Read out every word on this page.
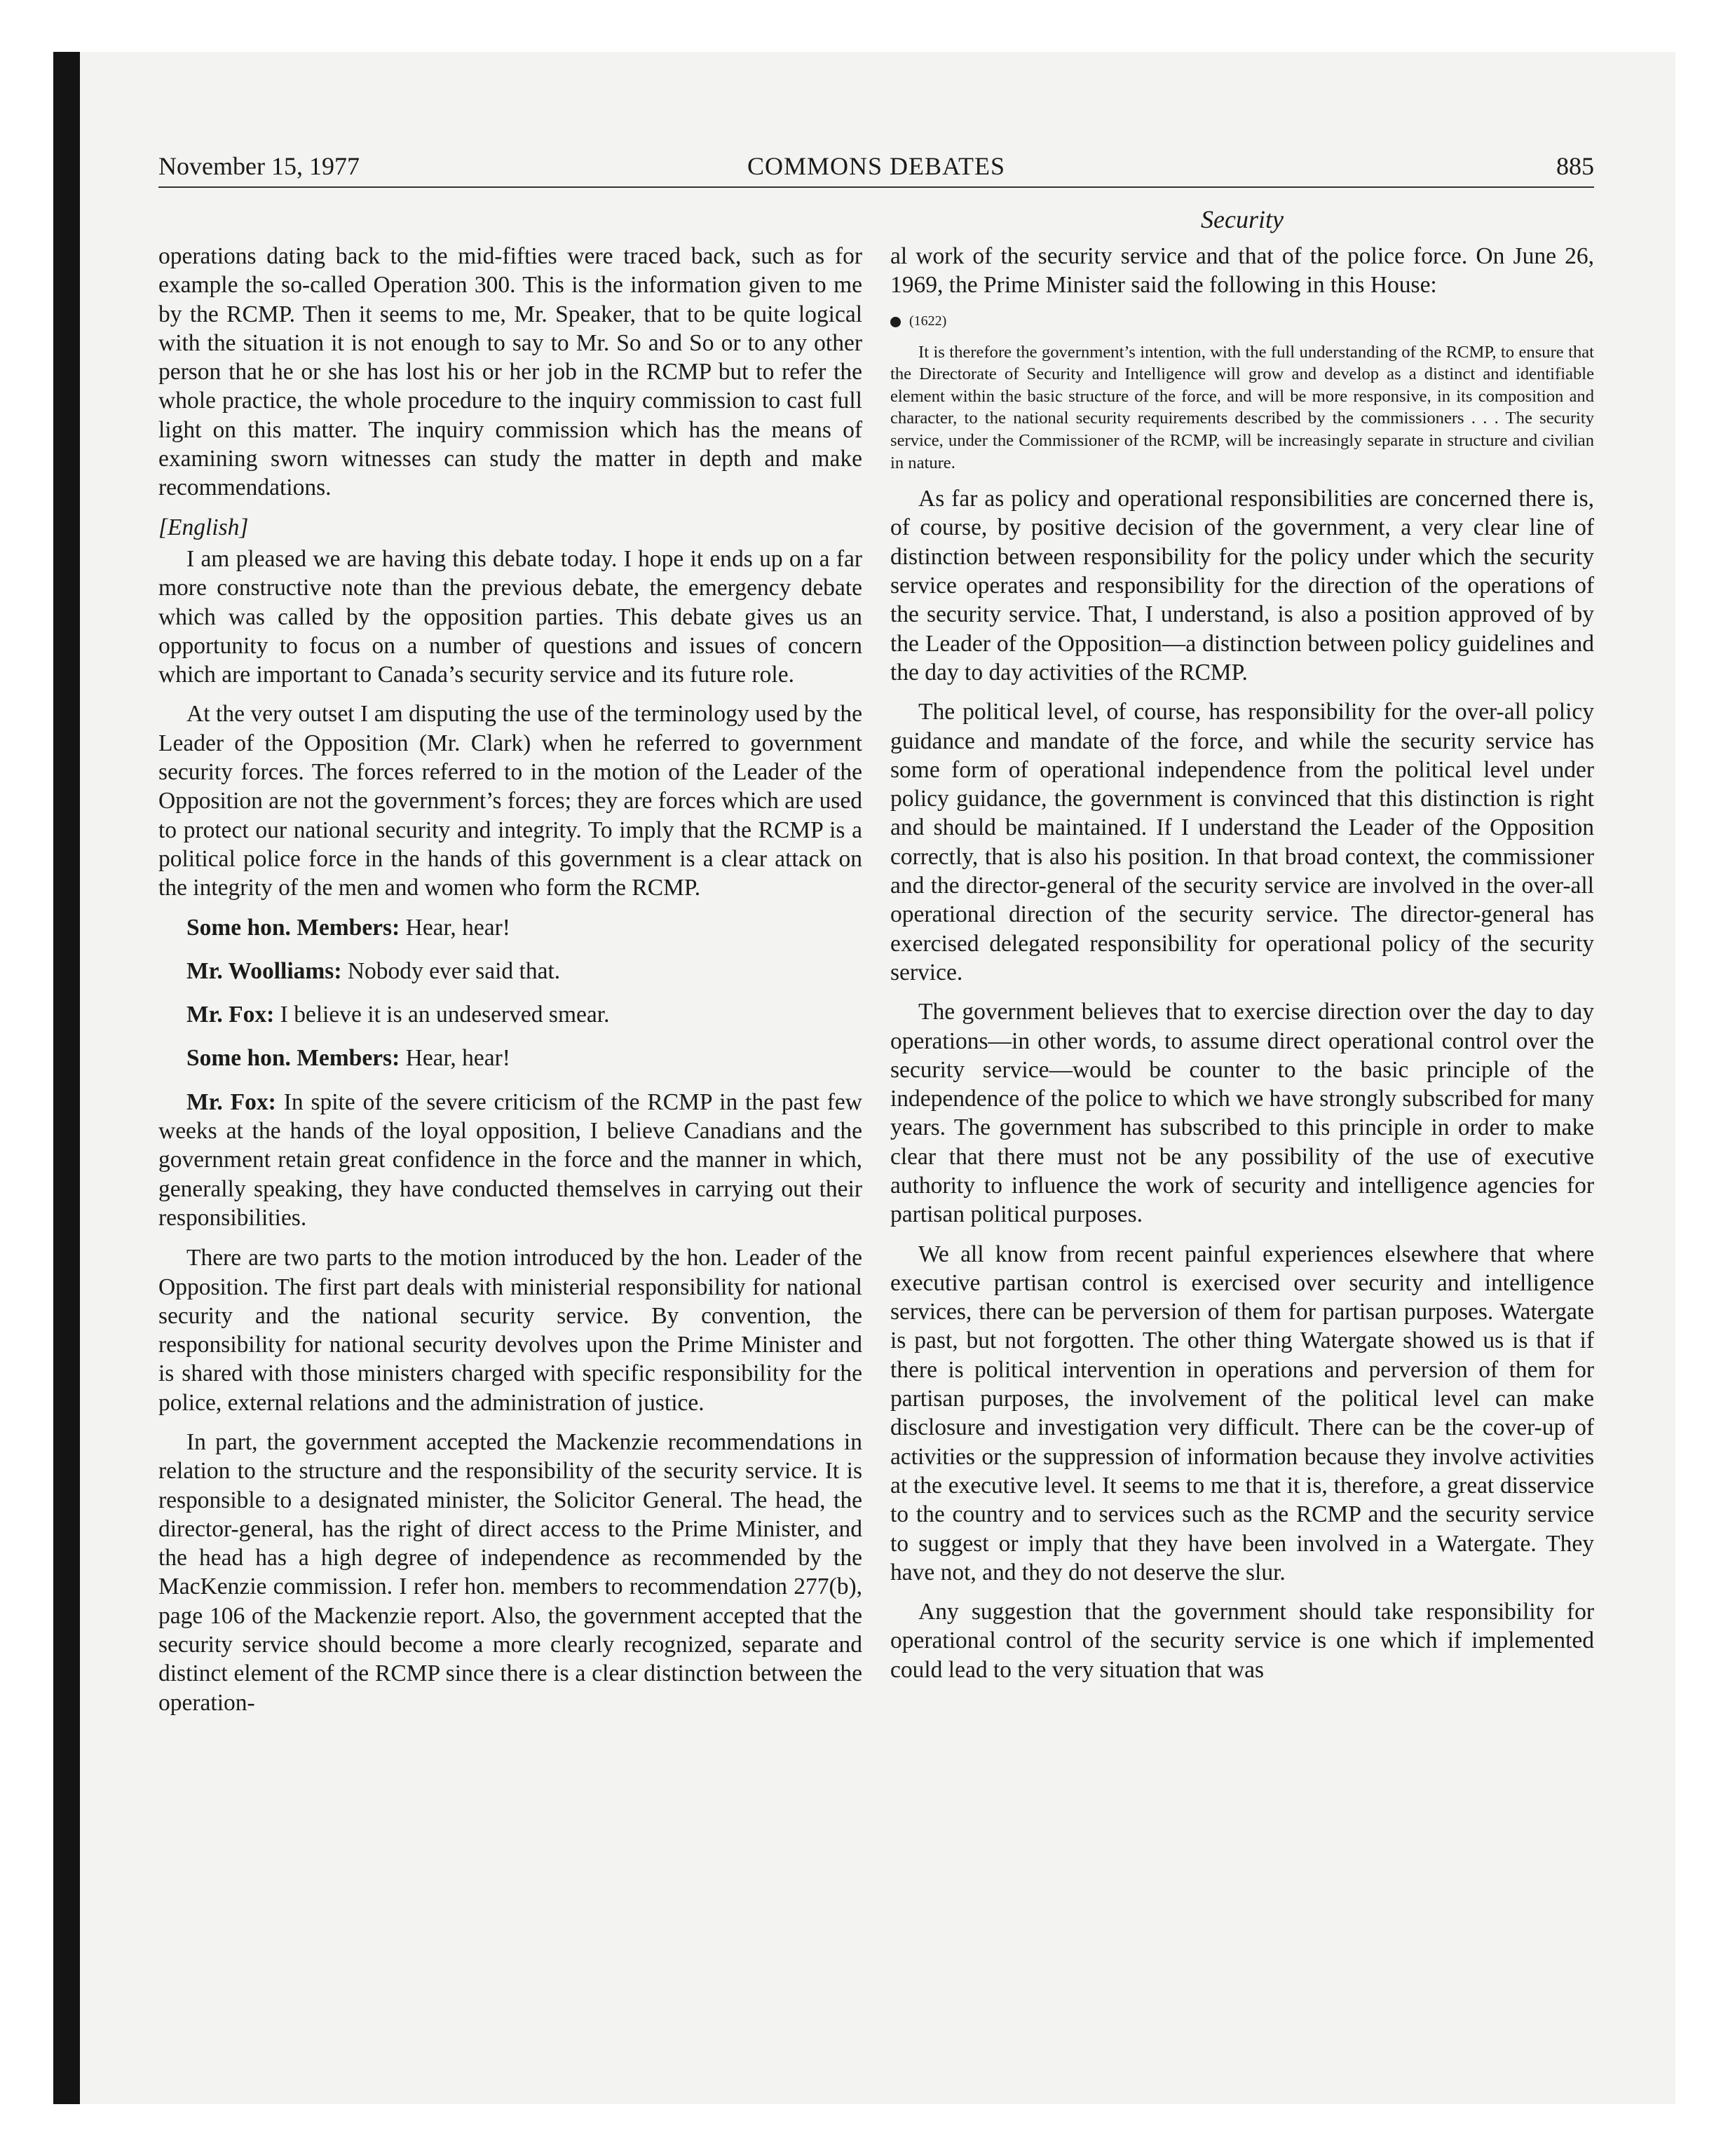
November 15, 1977	COMMONS DEBATES	885
Security

operations dating back to the mid-fifties were traced back, such as for example the so-called Operation 300. This is the information given to me by the RCMP. Then it seems to me, Mr. Speaker, that to be quite logical with the situation it is not enough to say to Mr. So and So or to any other person that he or she has lost his or her job in the RCMP but to refer the whole practice, the whole procedure to the inquiry commission to cast full light on this matter. The inquiry commission which has the means of examining sworn witnesses can study the matter in depth and make recommendations.

[English]

I am pleased we are having this debate today. I hope it ends up on a far more constructive note than the previous debate, the emergency debate which was called by the opposition parties. This debate gives us an opportunity to focus on a number of questions and issues of concern which are important to Canada’s security service and its future role.

At the very outset I am disputing the use of the terminology used by the Leader of the Opposition (Mr. Clark) when he referred to government security forces. The forces referred to in the motion of the Leader of the Opposition are not the government’s forces; they are forces which are used to protect our national security and integrity. To imply that the RCMP is a political police force in the hands of this government is a clear attack on the integrity of the men and women who form the RCMP.

Some hon. Members: Hear, hear!

Mr. Woolliams: Nobody ever said that.

Mr. Fox: I believe it is an undeserved smear.

Some hon. Members: Hear, hear!

Mr. Fox: In spite of the severe criticism of the RCMP in the past few weeks at the hands of the loyal opposition, I believe Canadians and the government retain great confidence in the force and the manner in which, generally speaking, they have conducted themselves in carrying out their responsibilities.

There are two parts to the motion introduced by the hon. Leader of the Opposition. The first part deals with ministerial responsibility for national security and the national security service. By convention, the responsibility for national security devolves upon the Prime Minister and is shared with those ministers charged with specific responsibility for the police, external relations and the administration of justice.

In part, the government accepted the Mackenzie recommendations in relation to the structure and the responsibility of the security service. It is responsible to a designated minister, the Solicitor General. The head, the director-general, has the right of direct access to the Prime Minister, and the head has a high degree of independence as recommended by the MacKenzie commission. I refer hon. members to recommendation 277(b), page 106 of the Mackenzie report. Also, the government accepted that the security service should become a more clearly recognized, separate and distinct element of the RCMP since there is a clear distinction between the operation-

al work of the security service and that of the police force. On June 26, 1969, the Prime Minister said the following in this House:

(1622)

It is therefore the government’s intention, with the full understanding of the RCMP, to ensure that the Directorate of Security and Intelligence will grow and develop as a distinct and identifiable element within the basic structure of the force, and will be more responsive, in its composition and character, to the national security requirements described by the commissioners . . . The security service, under the Commissioner of the RCMP, will be increasingly separate in structure and civilian in nature.

As far as policy and operational responsibilities are concerned there is, of course, by positive decision of the government, a very clear line of distinction between responsibility for the policy under which the security service operates and responsibility for the direction of the operations of the security service. That, I understand, is also a position approved of by the Leader of the Opposition—a distinction between policy guidelines and the day to day activities of the RCMP.

The political level, of course, has responsibility for the over-all policy guidance and mandate of the force, and while the security service has some form of operational independence from the political level under policy guidance, the government is convinced that this distinction is right and should be maintained. If I understand the Leader of the Opposition correctly, that is also his position. In that broad context, the commissioner and the director-general of the security service are involved in the over-all operational direction of the security service. The director-general has exercised delegated responsibility for operational policy of the security service.

The government believes that to exercise direction over the day to day operations—in other words, to assume direct operational control over the security service—would be counter to the basic principle of the independence of the police to which we have strongly subscribed for many years. The government has subscribed to this principle in order to make clear that there must not be any possibility of the use of executive authority to influence the work of security and intelligence agencies for partisan political purposes.

We all know from recent painful experiences elsewhere that where executive partisan control is exercised over security and intelligence services, there can be perversion of them for partisan purposes. Watergate is past, but not forgotten. The other thing Watergate showed us is that if there is political intervention in operations and perversion of them for partisan purposes, the involvement of the political level can make disclosure and investigation very difficult. There can be the cover-up of activities or the suppression of information because they involve activities at the executive level. It seems to me that it is, therefore, a great disservice to the country and to services such as the RCMP and the security service to suggest or imply that they have been involved in a Watergate. They have not, and they do not deserve the slur.

Any suggestion that the government should take responsibility for operational control of the security service is one which if implemented could lead to the very situation that was
